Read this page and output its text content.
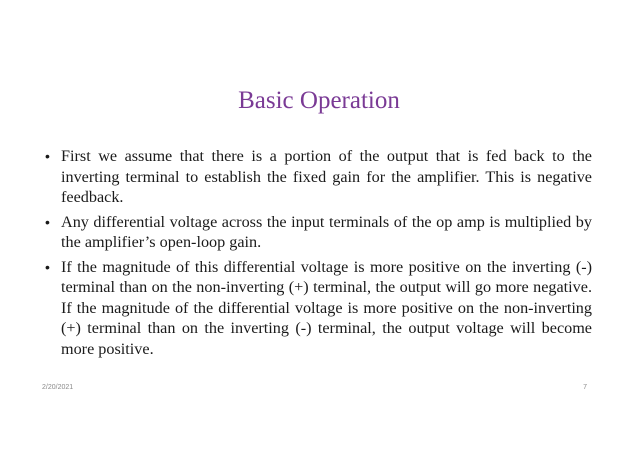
Basic Operation
• First we assume that there is a portion of the output that is fed back to the inverting terminal to establish the fixed gain for the amplifier. This is negative feedback.
• Any differential voltage across the input terminals of the op amp is multiplied by the amplifier’s open-loop gain.
• If the magnitude of this differential voltage is more positive on the inverting (-) terminal than on the non-inverting (+) terminal, the output will go more negative. If the magnitude of the differential voltage is more positive on the non-inverting (+) terminal than on the inverting (-) terminal, the output voltage will become more positive.
2/20/2021	7
